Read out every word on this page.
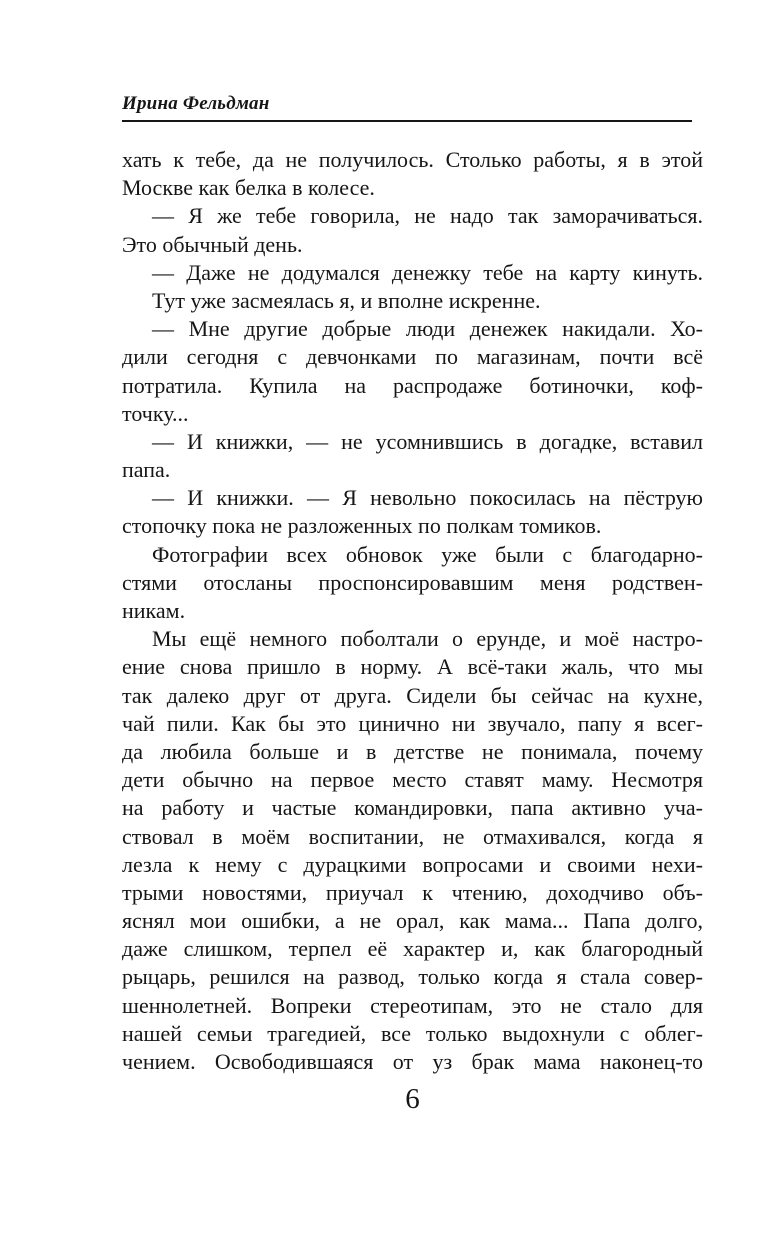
Ирина Фельдман
хать к тебе, да не получилось. Столько работы, я в этой
Москве как белка в колесе.
— Я же тебе говорила, не надо так заморачиваться.
Это обычный день.
— Даже не додумался денежку тебе на карту кинуть.
Тут уже засмеялась я, и вполне искренне.
— Мне другие добрые люди денежек накидали. Хо-
дили сегодня с девчонками по магазинам, почти всё
потратила. Купила на распродаже ботиночки, коф-
точку...
— И книжки, — не усомнившись в догадке, вставил
папа.
— И книжки. — Я невольно покосилась на пёструю
стопочку пока не разложенных по полкам томиков.
Фотографии всех обновок уже были с благодарно-
стями отосланы проспонсировавшим меня родствен-
никам.
Мы ещё немного поболтали о ерунде, и моё настро-
ение снова пришло в норму. А всё-таки жаль, что мы
так далеко друг от друга. Сидели бы сейчас на кухне,
чай пили. Как бы это цинично ни звучало, папу я всег-
да любила больше и в детстве не понимала, почему
дети обычно на первое место ставят маму. Несмотря
на работу и частые командировки, папа активно уча-
ствовал в моём воспитании, не отмахивался, когда я
лезла к нему с дурацкими вопросами и своими нехи-
трыми новостями, приучал к чтению, доходчиво объ-
яснял мои ошибки, а не орал, как мама... Папа долго,
даже слишком, терпел её характер и, как благородный
рыцарь, решился на развод, только когда я стала совер-
шеннолетней. Вопреки стереотипам, это не стало для
нашей семьи трагедией, все только выдохнули с облег-
чением. Освободившаяся от уз брак мама наконец-то
6
